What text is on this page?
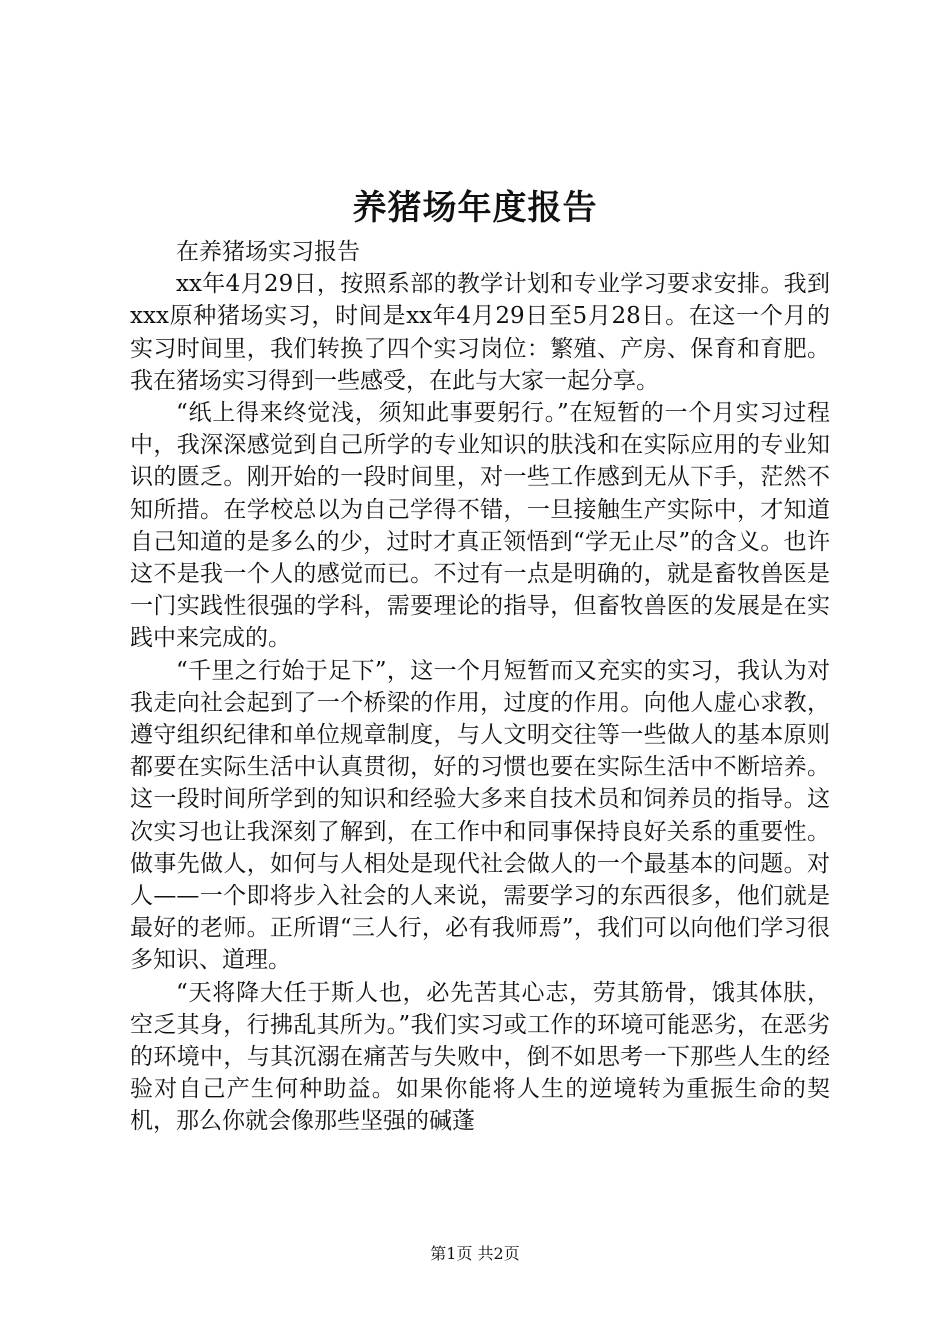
养猪场年度报告

在养猪场实习报告

xx年4月29日，按照系部的教学计划和专业学习要求安排。我到xxx原种猪场实习，时间是xx年4月29日至5月28日。在这一个月的实习时间里，我们转换了四个实习岗位：繁殖、产房、保育和育肥。我在猪场实习得到一些感受，在此与大家一起分享。

“纸上得来终觉浅，须知此事要躬行。”在短暂的一个月实习过程中，我深深感觉到自己所学的专业知识的肤浅和在实际应用的专业知识的匮乏。刚开始的一段时间里，对一些工作感到无从下手，茫然不知所措。在学校总以为自己学得不错，一旦接触生产实际中，才知道自己知道的是多么的少，过时才真正领悟到“学无止尽”的含义。也许这不是我一个人的感觉而已。不过有一点是明确的，就是畜牧兽医是一门实践性很强的学科，需要理论的指导，但畜牧兽医的发展是在实践中来完成的。

“千里之行始于足下”，这一个月短暂而又充实的实习，我认为对我走向社会起到了一个桥梁的作用，过度的作用。向他人虚心求教，遵守组织纪律和单位规章制度，与人文明交往等一些做人的基本原则都要在实际生活中认真贯彻，好的习惯也要在实际生活中不断培养。这一段时间所学到的知识和经验大多来自技术员和饲养员的指导。这次实习也让我深刻了解到，在工作中和同事保持良好关系的重要性。做事先做人，如何与人相处是现代社会做人的一个最基本的问题。对人——一个即将步入社会的人来说，需要学习的东西很多，他们就是最好的老师。正所谓“三人行，必有我师焉”，我们可以向他们学习很多知识、道理。

“天将降大任于斯人也，必先苦其心志，劳其筋骨，饿其体肤，空乏其身，行拂乱其所为。”我们实习或工作的环境可能恶劣，在恶劣的环境中，与其沉溺在痛苦与失败中，倒不如思考一下那些人生的经验对自己产生何种助益。如果你能将人生的逆境转为重振生命的契机，那么你就会像那些坚强的碱蓬

第1页 共2页
